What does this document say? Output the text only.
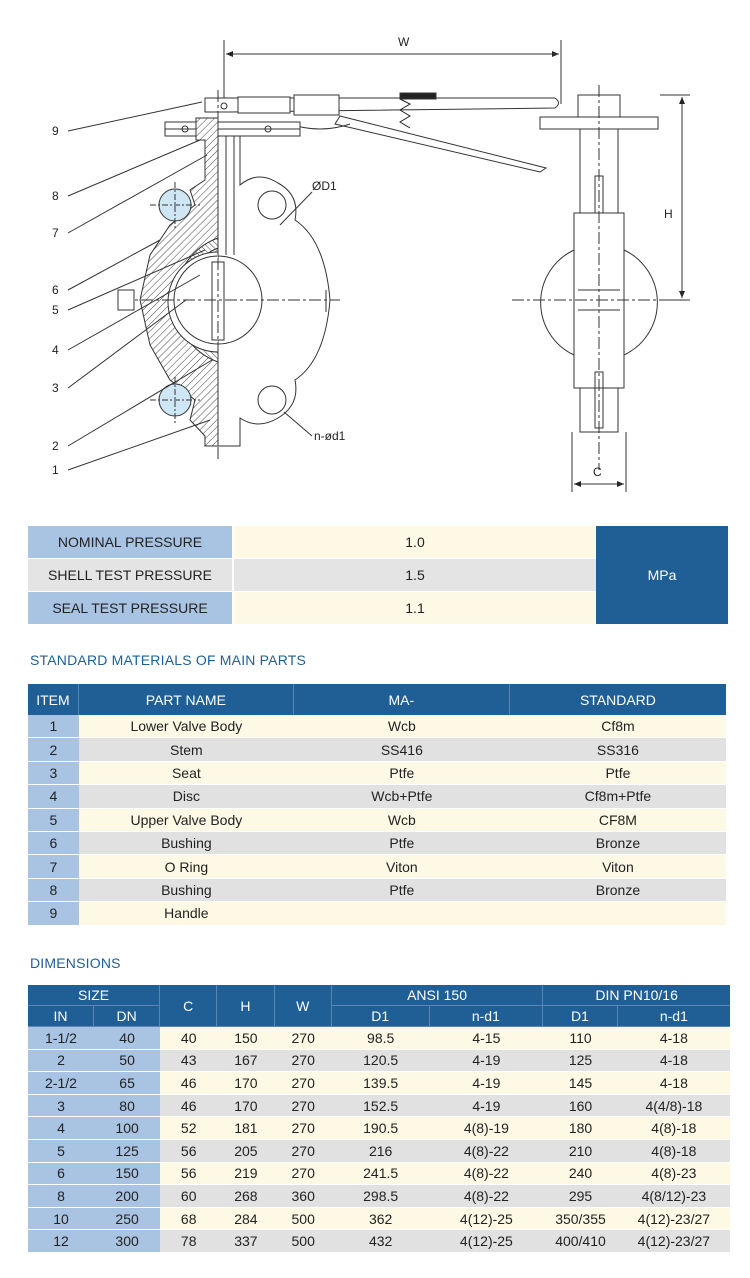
9
8
7
6
5
4
3
2
1
W
H
C
ØD1
n-ød1
NOMINAL PRESSURE	1.0
SHELL TEST PRESSURE	1.5
SEAL TEST PRESSURE	1.1
MPa
STANDARD MATERIALS OF MAIN PARTS
ITEM	PART NAME	MA-	STANDARD
1	Lower Valve Body	Wcb	Cf8m
2	Stem	SS416	SS316
3	Seat	Ptfe	Ptfe
4	Disc	Wcb+Ptfe	Cf8m+Ptfe
5	Upper Valve Body	Wcb	CF8M
6	Bushing	Ptfe	Bronze
7	O Ring	Viton	Viton
8	Bushing	Ptfe	Bronze
9	Handle		
DIMENSIONS
SIZE		C	H	W	ANSI 150		DIN PN10/16	
IN	DN				D1	n-d1	D1	n-d1
1-1/2	40	40	150	270	98.5	4-15	110	4-18
2	50	43	167	270	120.5	4-19	125	4-18
2-1/2	65	46	170	270	139.5	4-19	145	4-18
3	80	46	170	270	152.5	4-19	160	4(4/8)-18
4	100	52	181	270	190.5	4(8)-19	180	4(8)-18
5	125	56	205	270	216	4(8)-22	210	4(8)-18
6	150	56	219	270	241.5	4(8)-22	240	4(8)-23
8	200	60	268	360	298.5	4(8)-22	295	4(8/12)-23
10	250	68	284	500	362	4(12)-25	350/355	4(12)-23/27
12	300	78	337	500	432	4(12)-25	400/410	4(12)-23/27
